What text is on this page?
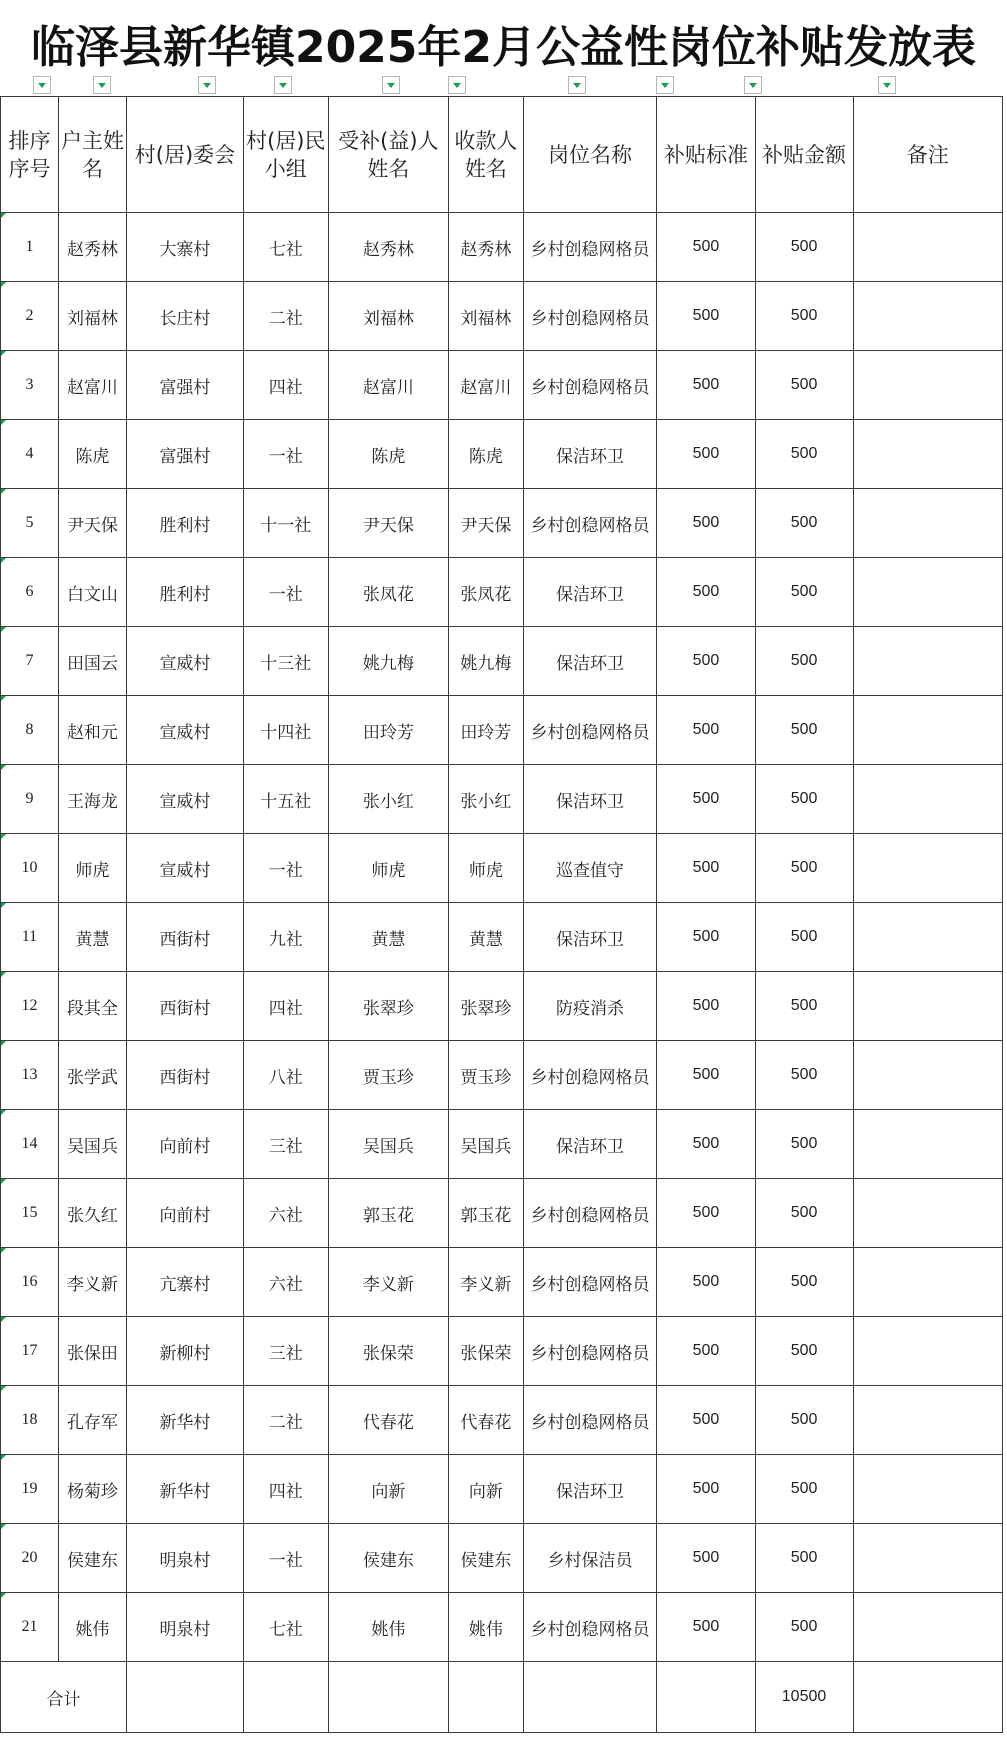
临泽县新华镇2025年2月公益性岗位补贴发放表
排序序号	户主姓名	村(居)委会	村(居)民小组	受补(益)人姓名	收款人姓名	岗位名称	补贴标准	补贴金额	备注
1	赵秀林	大寨村	七社	赵秀林	赵秀林	乡村创稳网格员	500	500	
2	刘福林	长庄村	二社	刘福林	刘福林	乡村创稳网格员	500	500	
3	赵富川	富强村	四社	赵富川	赵富川	乡村创稳网格员	500	500	
4	陈虎	富强村	一社	陈虎	陈虎	保洁环卫	500	500	
5	尹天保	胜利村	十一社	尹天保	尹天保	乡村创稳网格员	500	500	
6	白文山	胜利村	一社	张凤花	张凤花	保洁环卫	500	500	
7	田国云	宣威村	十三社	姚九梅	姚九梅	保洁环卫	500	500	
8	赵和元	宣威村	十四社	田玲芳	田玲芳	乡村创稳网格员	500	500	
9	王海龙	宣威村	十五社	张小红	张小红	保洁环卫	500	500	
10	师虎	宣威村	一社	师虎	师虎	巡查值守	500	500	
11	黄慧	西街村	九社	黄慧	黄慧	保洁环卫	500	500	
12	段其全	西街村	四社	张翠珍	张翠珍	防疫消杀	500	500	
13	张学武	西街村	八社	贾玉珍	贾玉珍	乡村创稳网格员	500	500	
14	吴国兵	向前村	三社	吴国兵	吴国兵	保洁环卫	500	500	
15	张久红	向前村	六社	郭玉花	郭玉花	乡村创稳网格员	500	500	
16	李义新	亢寨村	六社	李义新	李义新	乡村创稳网格员	500	500	
17	张保田	新柳村	三社	张保荣	张保荣	乡村创稳网格员	500	500	
18	孔存军	新华村	二社	代春花	代春花	乡村创稳网格员	500	500	
19	杨菊珍	新华村	四社	向新	向新	保洁环卫	500	500	
20	侯建东	明泉村	一社	侯建东	侯建东	乡村保洁员	500	500	
21	姚伟	明泉村	七社	姚伟	姚伟	乡村创稳网格员	500	500	
合计								10500	
